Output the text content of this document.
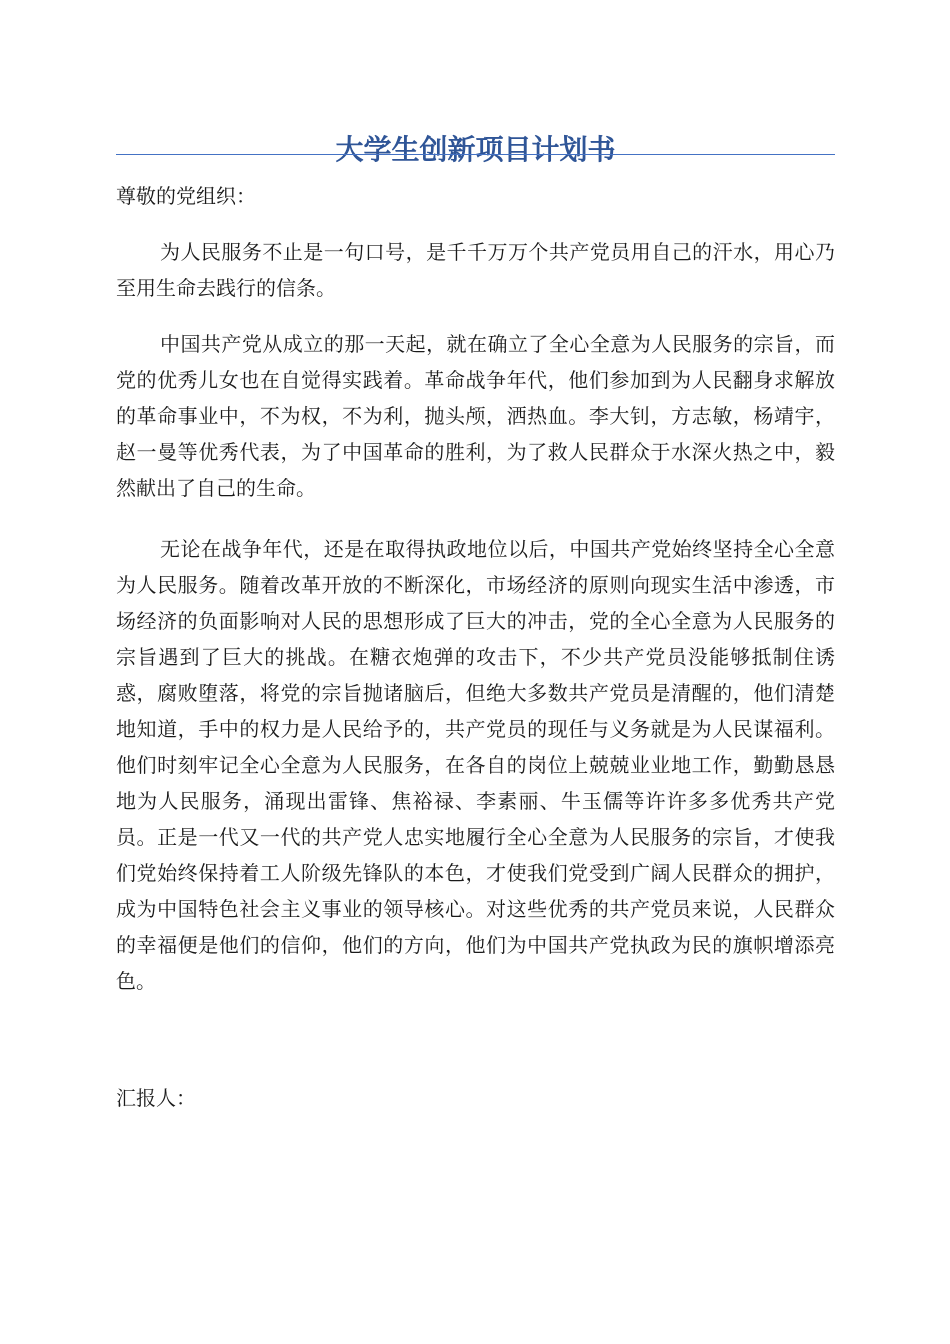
大学生创新项目计划书

尊敬的党组织：

为人民服务不止是一句口号，是千千万万个共产党员用自己的汗水，用心乃至用生命去践行的信条。

中国共产党从成立的那一天起，就在确立了全心全意为人民服务的宗旨，而党的优秀儿女也在自觉得实践着。革命战争年代，他们参加到为人民翻身求解放的革命事业中，不为权，不为利，抛头颅，洒热血。李大钊，方志敏，杨靖宇，赵一曼等优秀代表，为了中国革命的胜利，为了救人民群众于水深火热之中，毅然献出了自己的生命。

无论在战争年代，还是在取得执政地位以后，中国共产党始终坚持全心全意为人民服务。随着改革开放的不断深化，市场经济的原则向现实生活中渗透，市场经济的负面影响对人民的思想形成了巨大的冲击，党的全心全意为人民服务的宗旨遇到了巨大的挑战。在糖衣炮弹的攻击下，不少共产党员没能够抵制住诱惑，腐败堕落，将党的宗旨抛诸脑后，但绝大多数共产党员是清醒的，他们清楚地知道，手中的权力是人民给予的，共产党员的现任与义务就是为人民谋福利。他们时刻牢记全心全意为人民服务，在各自的岗位上兢兢业业地工作，勤勤恳恳地为人民服务，涌现出雷锋、焦裕禄、李素丽、牛玉儒等许许多多优秀共产党员。正是一代又一代的共产党人忠实地履行全心全意为人民服务的宗旨，才使我们党始终保持着工人阶级先锋队的本色，才使我们党受到广阔人民群众的拥护，成为中国特色社会主义事业的领导核心。对这些优秀的共产党员来说，人民群众的幸福便是他们的信仰，他们的方向，他们为中国共产党执政为民的旗帜增添亮色。

汇报人：
